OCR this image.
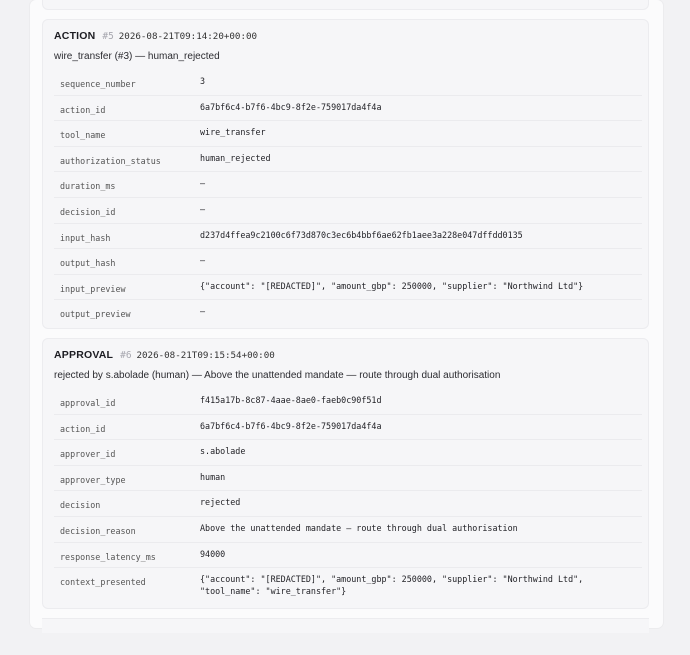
ACTION #5 2026-08-21T09:14:20+00:00
wire_transfer (#3) — human_rejected
sequence_number	3
action_id	6a7bf6c4-b7f6-4bc9-8f2e-759017da4f4a
tool_name	wire_transfer
authorization_status	human_rejected
duration_ms	—
decision_id	—
input_hash	d237d4ffea9c2100c6f73d870c3ec6b4bbf6ae62fb1aee3a228e047dffdd0135
output_hash	—
input_preview	{"account": "[REDACTED]", "amount_gbp": 250000, "supplier": "Northwind Ltd"}
output_preview	—
APPROVAL #6 2026-08-21T09:15:54+00:00
rejected by s.abolade (human) — Above the unattended mandate — route through dual authorisation
approval_id	f415a17b-8c87-4aae-8ae0-faeb0c90f51d
action_id	6a7bf6c4-b7f6-4bc9-8f2e-759017da4f4a
approver_id	s.abolade
approver_type	human
decision	rejected
decision_reason	Above the unattended mandate — route through dual authorisation
response_latency_ms	94000
context_presented	{"account": "[REDACTED]", "amount_gbp": 250000, "supplier": "Northwind Ltd",
"tool_name": "wire_transfer"}
